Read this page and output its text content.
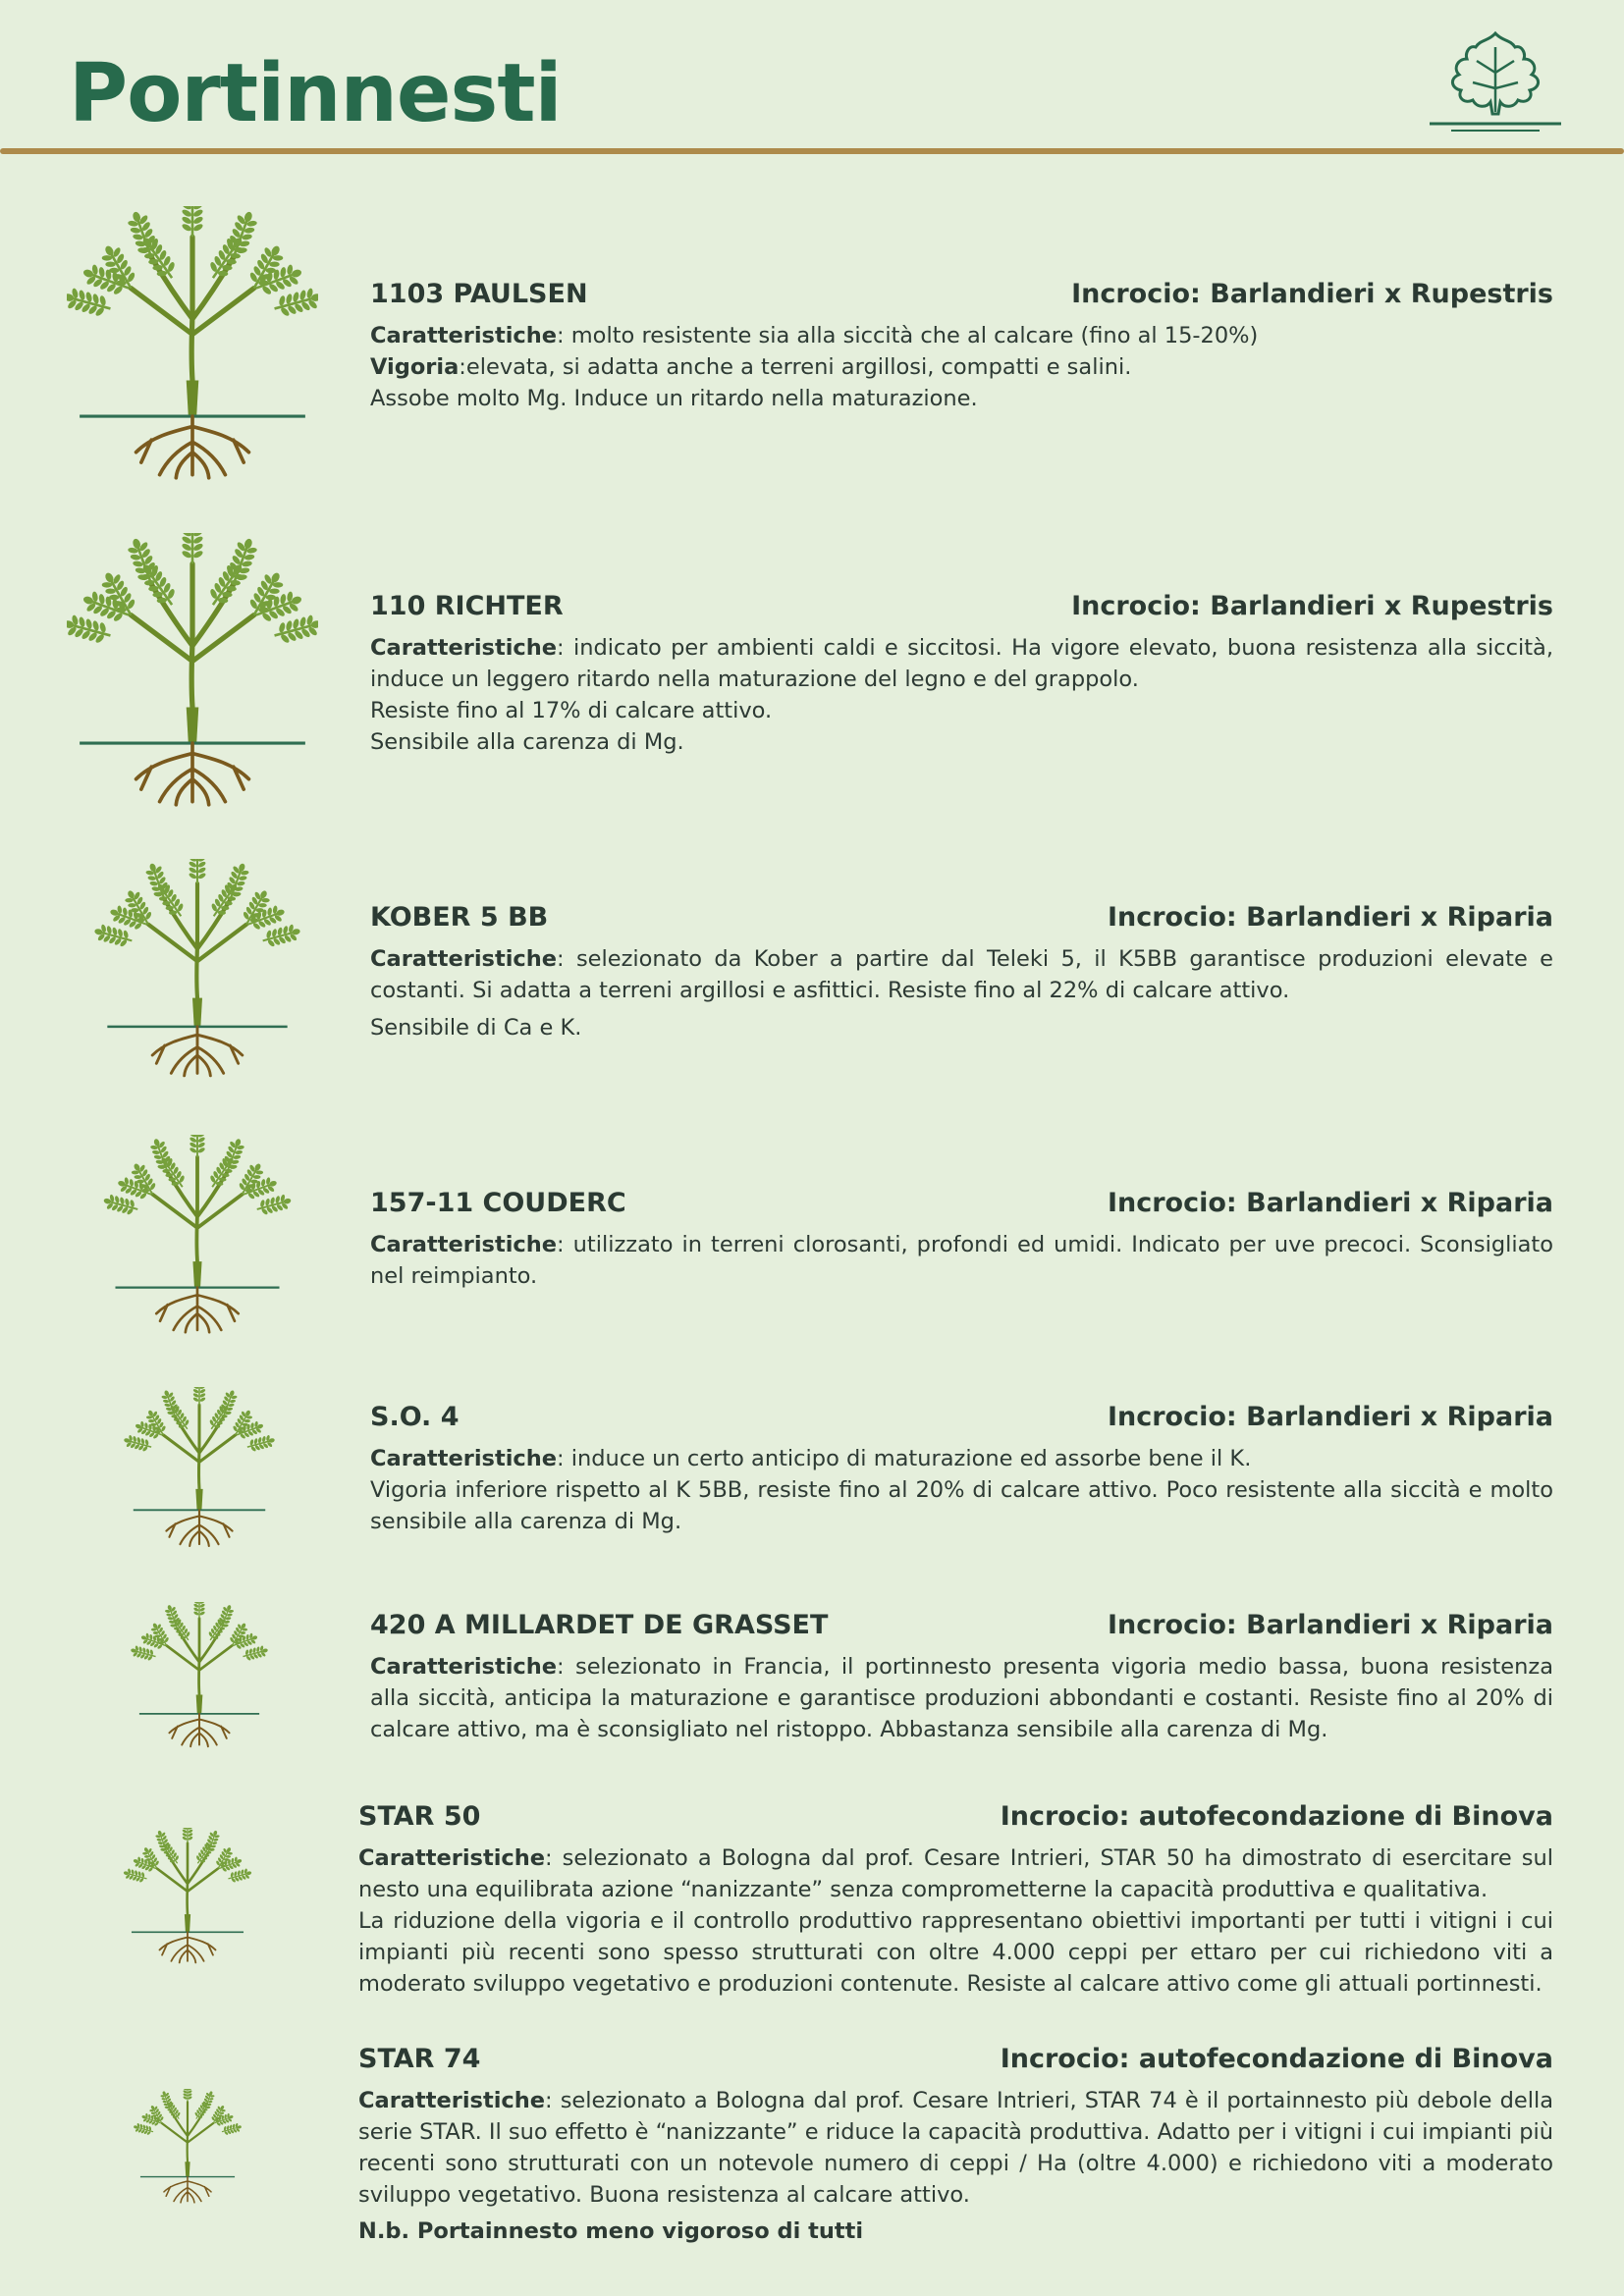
Portinnesti
1103 PAULSEN	Incrocio: Barlandieri x Rupestris

Caratteristiche: molto resistente sia alla siccità che al calcare (fino al 15-20%)

Vigoria:elevata, si adatta anche a terreni argillosi, compatti e salini.

Assobe molto Mg. Induce un ritardo nella maturazione.

110 RICHTER	Incrocio: Barlandieri x Rupestris

Caratteristiche: indicato per ambienti caldi e siccitosi. Ha vigore elevato, buona resistenza alla siccità, induce un leggero ritardo nella maturazione del legno e del grappolo.

Resiste fino al 17% di calcare attivo.

Sensibile alla carenza di Mg.

KOBER 5 BB	Incrocio: Barlandieri x Riparia

Caratteristiche: selezionato da Kober a partire dal Teleki 5, il K5BB garantisce produzioni elevate e costanti. Si adatta a terreni argillosi e asfittici. Resiste fino al 22% di calcare attivo.

Sensibile di Ca e K.

157-11 COUDERC	Incrocio: Barlandieri x Riparia

Caratteristiche: utilizzato in terreni clorosanti, profondi ed umidi. Indicato per uve precoci. Sconsigliato nel reimpianto.

S.O. 4	Incrocio: Barlandieri x Riparia

Caratteristiche: induce un certo anticipo di maturazione ed assorbe bene il K.

Vigoria inferiore rispetto al K 5BB, resiste fino al 20% di calcare attivo. Poco resistente alla siccità e molto sensibile alla carenza di Mg.

420 A MILLARDET DE GRASSET	Incrocio: Barlandieri x Riparia

Caratteristiche: selezionato in Francia, il portinnesto presenta vigoria medio bassa, buona resistenza alla siccità, anticipa la maturazione e garantisce produzioni abbondanti e costanti. Resiste fino al 20% di calcare attivo, ma è sconsigliato nel ristoppo. Abbastanza sensibile alla carenza di Mg.

STAR 50	Incrocio: autofecondazione di Binova

Caratteristiche: selezionato a Bologna dal prof. Cesare Intrieri, STAR 50 ha dimostrato di esercitare sul nesto una equilibrata azione “nanizzante” senza comprometterne la capacità produttiva e qualitativa.

La riduzione della vigoria e il controllo produttivo rappresentano obiettivi importanti per tutti i vitigni i cui impianti più recenti sono spesso strutturati con oltre 4.000 ceppi per ettaro per cui richiedono viti a moderato sviluppo vegetativo e produzioni contenute. Resiste al calcare attivo come gli attuali portinnesti.

STAR 74	Incrocio: autofecondazione di Binova

Caratteristiche: selezionato a Bologna dal prof. Cesare Intrieri, STAR 74 è il portainnesto più debole della serie STAR. Il suo effetto è “nanizzante” e riduce la capacità produttiva. Adatto per i vitigni i cui impianti più recenti sono strutturati con un notevole numero di ceppi / Ha (oltre 4.000) e richiedono viti a moderato sviluppo vegetativo. Buona resistenza al calcare attivo.

N.b. Portainnesto meno vigoroso di tutti
